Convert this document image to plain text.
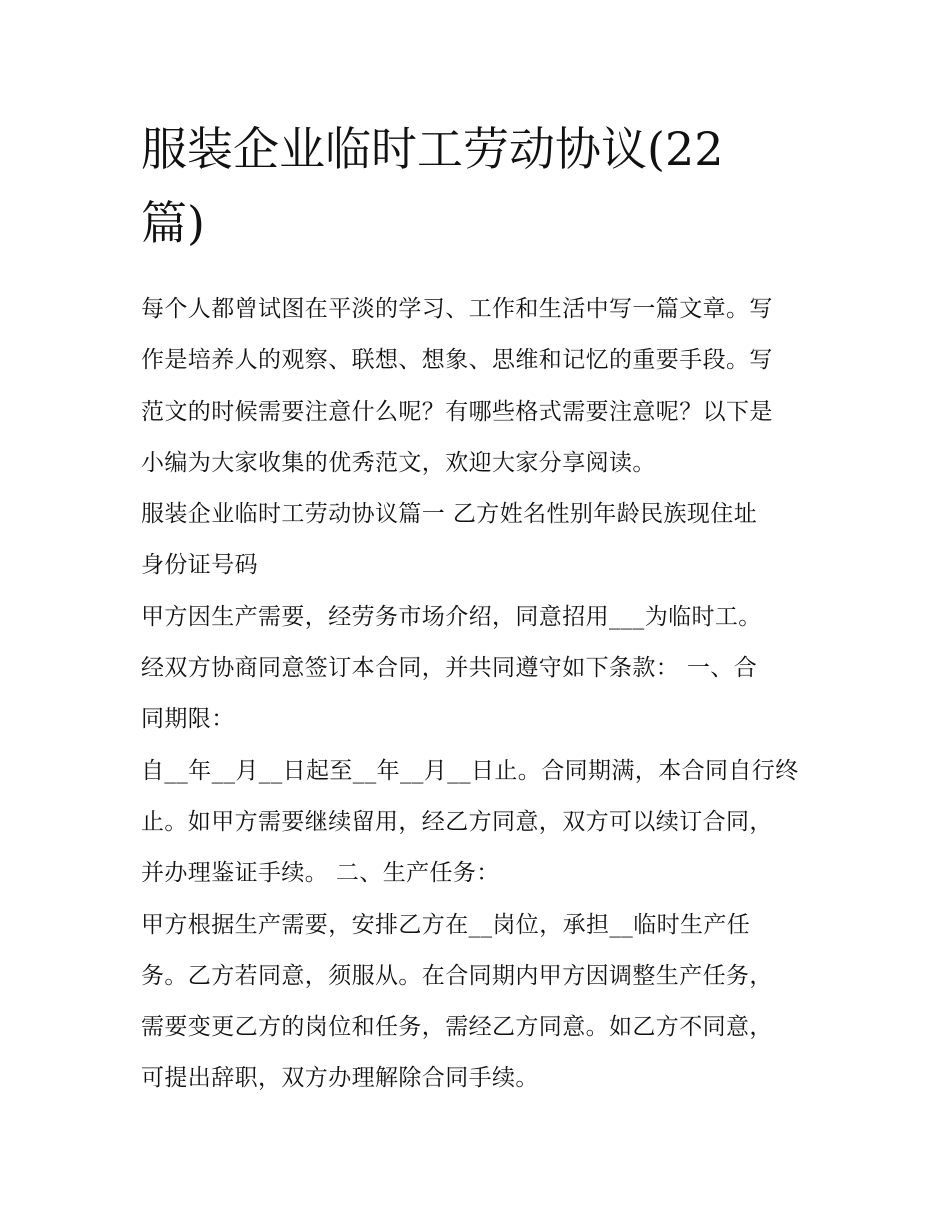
服装企业临时工劳动协议(22
篇)

每个人都曾试图在平淡的学习、工作和生活中写一篇文章。写
作是培养人的观察、联想、想象、思维和记忆的重要手段。写
范文的时候需要注意什么呢？有哪些格式需要注意呢？以下是
小编为大家收集的优秀范文，欢迎大家分享阅读。

服装企业临时工劳动协议篇一 乙方姓名性别年龄民族现住址
身份证号码

甲方因生产需要，经劳务市场介绍，同意招用___为临时工。
经双方协商同意签订本合同，并共同遵守如下条款： 一、合
同期限：

自__年__月__日起至__年__月__日止。合同期满，本合同自行终
止。如甲方需要继续留用，经乙方同意，双方可以续订合同，
并办理鉴证手续。 二、生产任务：

甲方根据生产需要，安排乙方在__岗位，承担__临时生产任
务。乙方若同意，须服从。在合同期内甲方因调整生产任务，
需要变更乙方的岗位和任务，需经乙方同意。如乙方不同意，
可提出辞职，双方办理解除合同手续。
